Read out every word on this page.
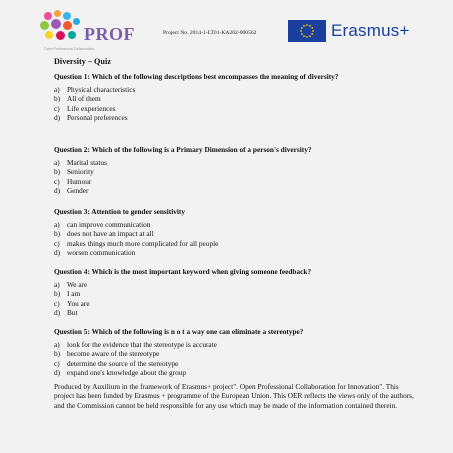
PROF
Open Professional Collaboration
Project No. 2014-1-LT01-KA202-000562	Erasmus+
Diversity – Quiz

Question 1: Which of the following descriptions best encompasses the meaning of diversity?

a) Physical characteristics
b) All of them
c) Life experiences
d) Personal preferences

Question 2: Which of the following is a Primary Dimension of a person's diversity?

a) Marital status
b) Seniority
c) Humour
d) Gender

Question 3: Attention to gender sensitivity

a) can improve communication
b) does not have an impact at all
c) makes things much more complicated for all people
d) worsen communication

Question 4: Which is the most important keyword when giving someone feedback?

a) We are
b) I am
c) You are
d) But

Question 5: Which of the following is n o t a way one can eliminate a stereotype?

a) look for the evidence that the stereotype is accurate
b) become aware of the stereotype
c) determine the source of the stereotype
d) expand one's knowledge about the group
Produced by Auxilium in the framework of Erasmus+ project". Open Professional Collaboration for Innovation". This project has been funded by Erasmus + programme of the European Union. This OER reflects the views only of the authors, and the Commission cannot be held responsible for any use which may be made of the information contained therein.
